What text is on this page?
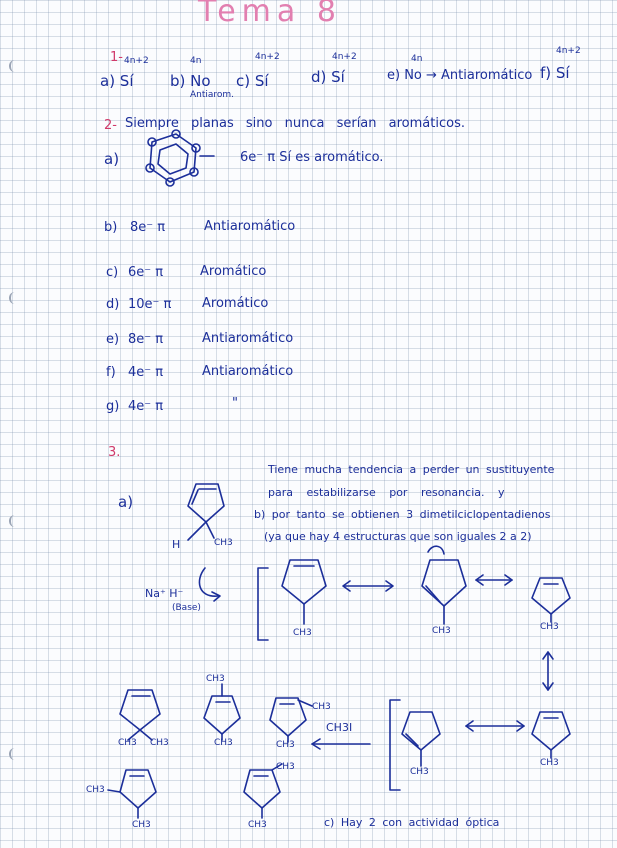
Tema 8
1- 4n+2
a) Sí
4n
b) No
Antiarom.
4n+2
c) Sí
4n+2
d) Sí
4n
e) No → Antiaromático
4n+2
f) Sí
2- Siempre planas sino nunca serían aromáticos.
a)	6e⁻ π Sí es aromático.
b) 8e⁻ π	Antiaromático
c) 6e⁻ π	Aromático
d) 10e⁻ π Aromático
e) 8e⁻ π	Antiaromático
f) 4e⁻ π	Antiaromático
g) 4e⁻ π	"
3.
a)
Tiene mucha tendencia a perder un sustituyente
para estabilizarse por resonancia. y
b) por tanto se obtienen 3 dimetilciclopentadienos
(ya que hay 4 estructuras que son iguales 2 a 2)
H	CH3
Na⁺ H⁻
(Base)
CH3	CH3	CH3
CH3
CH3
CH3I
CH3 CH3
CH3
CH3
CH3
CH3
CH3
CH3
CH3
CH3	c) Hay 2 con actividad óptica
